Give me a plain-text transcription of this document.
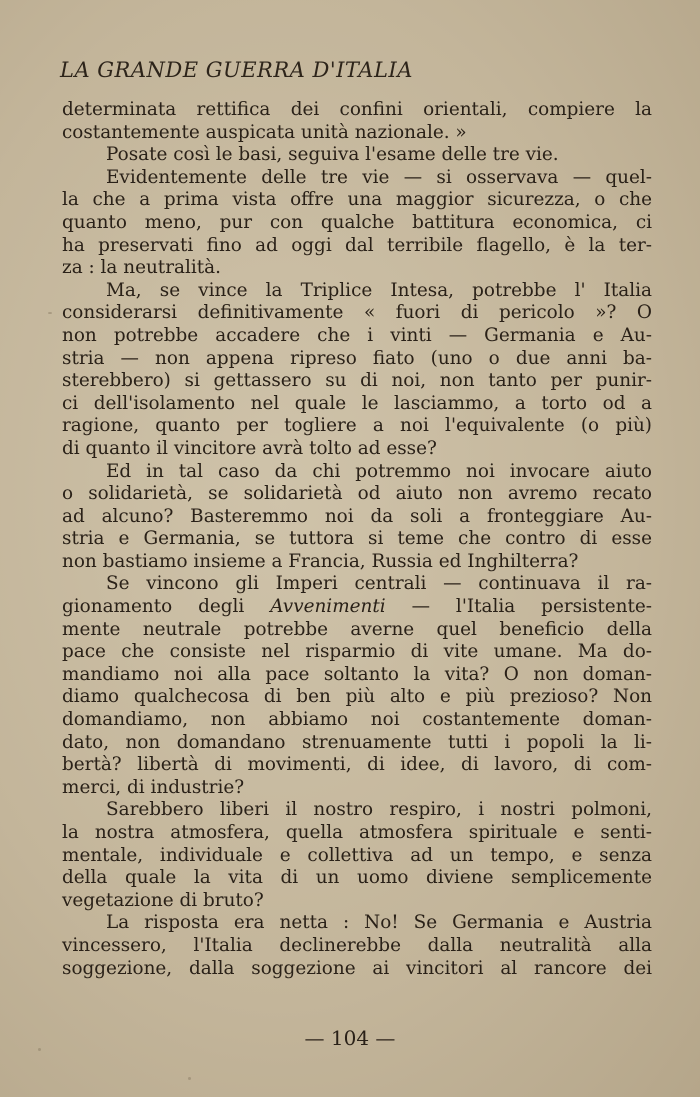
LA GRANDE GUERRA D'ITALIA
determinata rettifica dei confini orientali, compiere la
costantemente auspicata unità nazionale. »
Posate così le basi, seguiva l'esame delle tre vie.
Evidentemente delle tre vie — si osservava — quel-
la che a prima vista offre una maggior sicurezza, o che
quanto meno, pur con qualche battitura economica, ci
ha preservati fino ad oggi dal terribile flagello, è la ter-
za : la neutralità.
Ma, se vince la Triplice Intesa, potrebbe l' Italia
considerarsi definitivamente « fuori di pericolo »? O
non potrebbe accadere che i vinti — Germania e Au-
stria — non appena ripreso fiato (uno o due anni ba-
sterebbero) si gettassero su di noi, non tanto per punir-
ci dell'isolamento nel quale le lasciammo, a torto od a
ragione, quanto per togliere a noi l'equivalente (o più)
di quanto il vincitore avrà tolto ad esse?
Ed in tal caso da chi potremmo noi invocare aiuto
o solidarietà, se solidarietà od aiuto non avremo recato
ad alcuno? Basteremmo noi da soli a fronteggiare Au-
stria e Germania, se tuttora si teme che contro di esse
non bastiamo insieme a Francia, Russia ed Inghilterra?
Se vincono gli Imperi centrali — continuava il ra-
gionamento degli Avvenimenti — l'Italia persistente-
mente neutrale potrebbe averne quel beneficio della
pace che consiste nel risparmio di vite umane. Ma do-
mandiamo noi alla pace soltanto la vita? O non doman-
diamo qualchecosa di ben più alto e più prezioso? Non
domandiamo, non abbiamo noi costantemente doman-
dato, non domandano strenuamente tutti i popoli la li-
bertà? libertà di movimenti, di idee, di lavoro, di com-
merci, di industrie?
Sarebbero liberi il nostro respiro, i nostri polmoni,
la nostra atmosfera, quella atmosfera spirituale e senti-
mentale, individuale e collettiva ad un tempo, e senza
della quale la vita di un uomo diviene semplicemente
vegetazione di bruto?
La risposta era netta : No! Se Germania e Austria
vincessero, l'Italia declinerebbe dalla neutralità alla
soggezione, dalla soggezione ai vincitori al rancore dei
— 104 —
